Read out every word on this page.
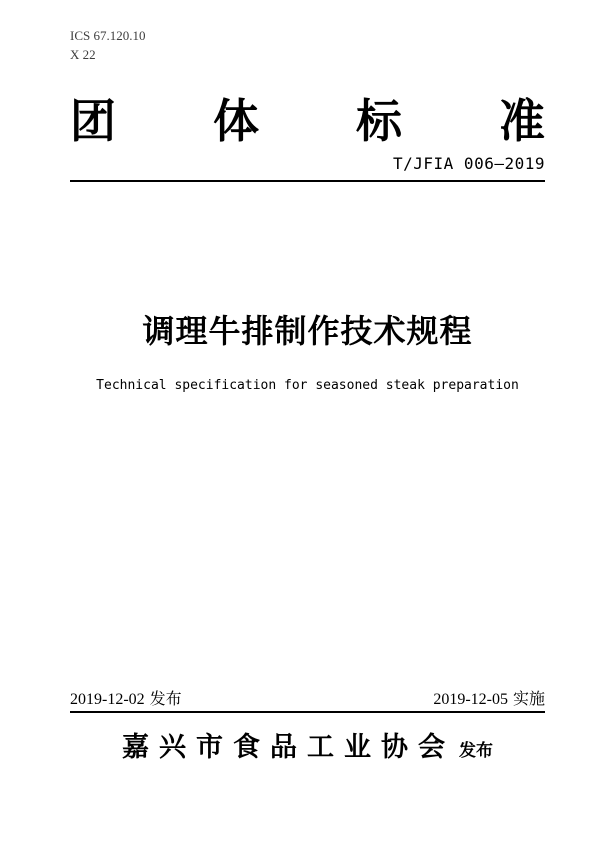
ICS 67.120.10
X 22
团 体 标 准
T/JFIA 006—2019
调理牛排制作技术规程
Technical specification for seasoned steak preparation
2019-12-02 发布	2019-12-05 实施
嘉兴市食品工业协会 发布
